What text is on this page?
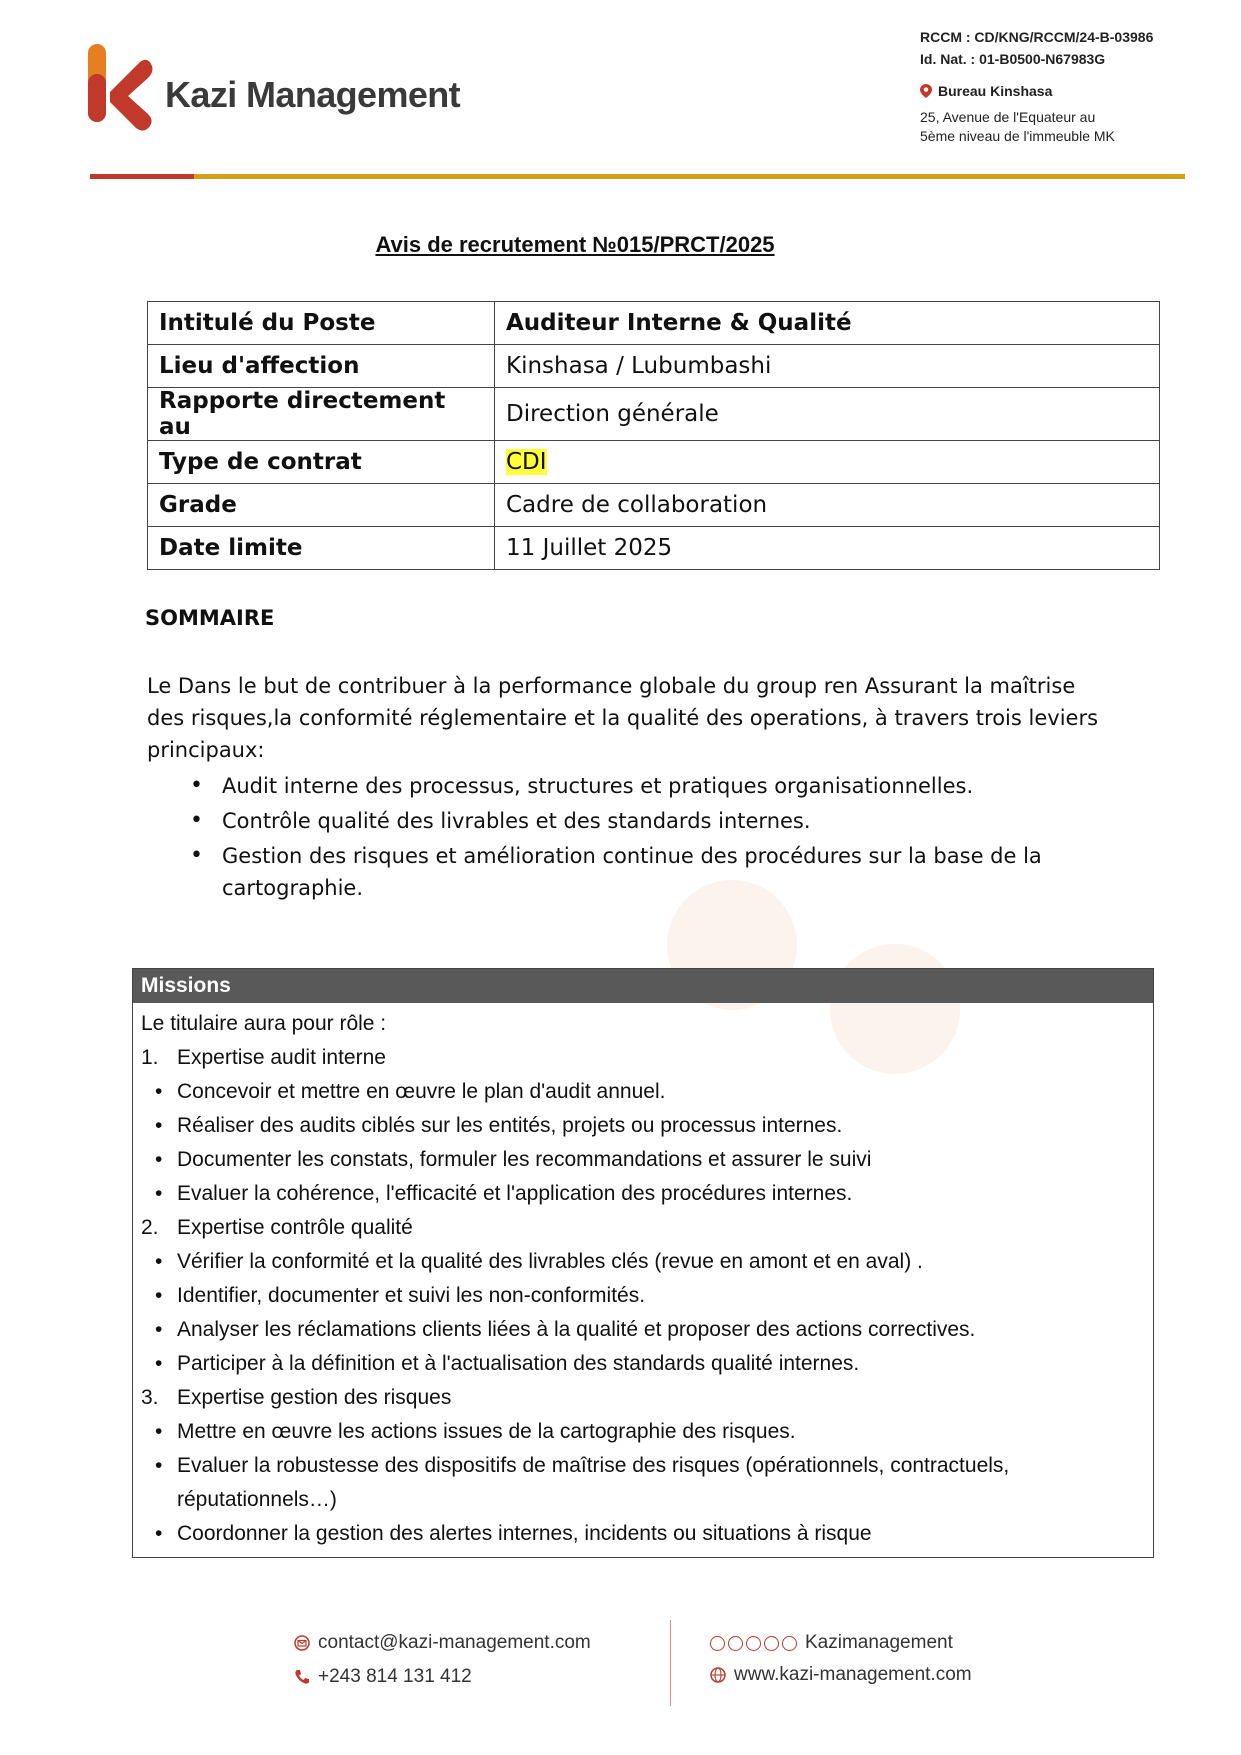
Kazi Management
RCCM : CD/KNG/RCCM/24-B-03986
Id. Nat. : 01-B0500-N67983G
Bureau Kinshasa
25, Avenue de l'Equateur au
5ème niveau de l'immeuble MK
Avis de recrutement №015/PRCT/2025
Intitulé du Poste	Auditeur Interne & Qualité
Lieu d'affection	Kinshasa / Lubumbashi
Rapporte directement au	Direction générale
Type de contrat	CDI
Grade	Cadre de collaboration
Date limite	11 Juillet 2025
SOMMAIRE
Le Dans le but de contribuer à la performance globale du group ren Assurant la maîtrise des risques,la conformité réglementaire et la qualité des operations, à travers trois leviers principaux:
• Audit interne des processus, structures et pratiques organisationnelles.
• Contrôle qualité des livrables et des standards internes.
• Gestion des risques et amélioration continue des procédures sur la base de la cartographie.
Missions
Le titulaire aura pour rôle :
1. Expertise audit interne
• Concevoir et mettre en œuvre le plan d'audit annuel.
• Réaliser des audits ciblés sur les entités, projets ou processus internes.
• Documenter les constats, formuler les recommandations et assurer le suivi
• Evaluer la cohérence, l'efficacité et l'application des procédures internes.
2. Expertise contrôle qualité
• Vérifier la conformité et la qualité des livrables clés (revue en amont et en aval) .
• Identifier, documenter et suivi les non-conformités.
• Analyser les réclamations clients liées à la qualité et proposer des actions correctives.
• Participer à la définition et à l'actualisation des standards qualité internes.
3. Expertise gestion des risques
• Mettre en œuvre les actions issues de la cartographie des risques.
• Evaluer la robustesse des dispositifs de maîtrise des risques (opérationnels, contractuels, réputationnels…)
• Coordonner la gestion des alertes internes, incidents ou situations à risque
contact@kazi-management.com
+243 814 131 412
Kazimanagement
www.kazi-management.com
